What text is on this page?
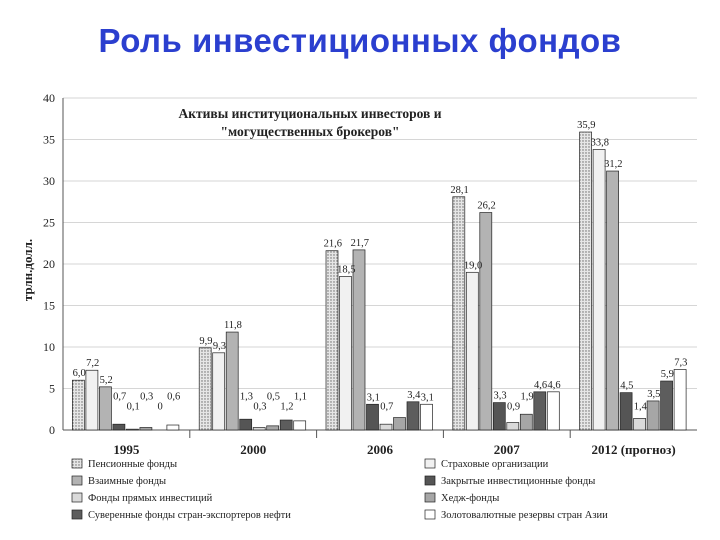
Роль инвестиционных фондов
0
5
10
15
20
25
30
35
40
трлн.долл.
Активы институциональных инвесторов и
"могущественных брокеров"
6,0
7,2
5,2
0,7
0,1
0,3
0
0,6
9,9 9,3
11,8
1,3
0,3
0,5
1,2
1,1
21,6
18,5
21,7
3,1
0,7
3,4 3,1
28,1
19,0
26,2
3,3
0,9
1,9
4,6 4,6
35,9
33,8
31,2
4,5
1,4
3,5
5,9
7,3
1995	2000	2006	2007	2012 (прогноз)
Пенсионные фонды	Страховые организации
Взаимные фонды	Закрытые инвестиционные фонды
Фонды прямых инвестиций	Хедж-фонды
Суверенные фонды стран-экспортеров нефти	Золотовалютные резервы стран Азии
